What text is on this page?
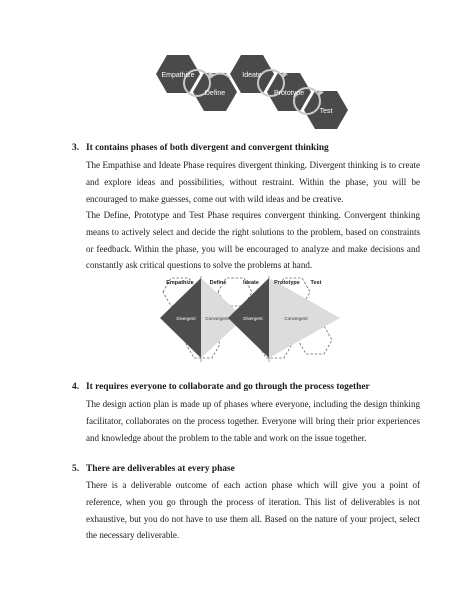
Empathize
Define
Ideate
Prototype
Test
3. It contains phases of both divergent and convergent thinking

The Empathise and Ideate Phase requires divergent thinking. Divergent thinking is to create and explore ideas and possibilities, without restraint. Within the phase, you will be encouraged to make guesses, come out with wild ideas and be creative.

The Define, Prototype and Test Phase requires convergent thinking. Convergent thinking means to actively select and decide the right solutions to the problem, based on constraints or feedback. Within the phase, you will be encouraged to analyze and make decisions and constantly ask critical questions to solve the problems at hand.

Empathize	Define	Ideate	Prototype Test
Divergent Convergent	Divergent	Convergent
4. It requires everyone to collaborate and go through the process together

The design action plan is made up of phases where everyone, including the design thinking facilitator, collaborates on the process together. Everyone will bring their prior experiences and knowledge about the problem to the table and work on the issue together.

5. There are deliverables at every phase

There is a deliverable outcome of each action phase which will give you a point of reference, when you go through the process of iteration. This list of deliverables is not exhaustive, but you do not have to use them all. Based on the nature of your project, select the necessary deliverable.
